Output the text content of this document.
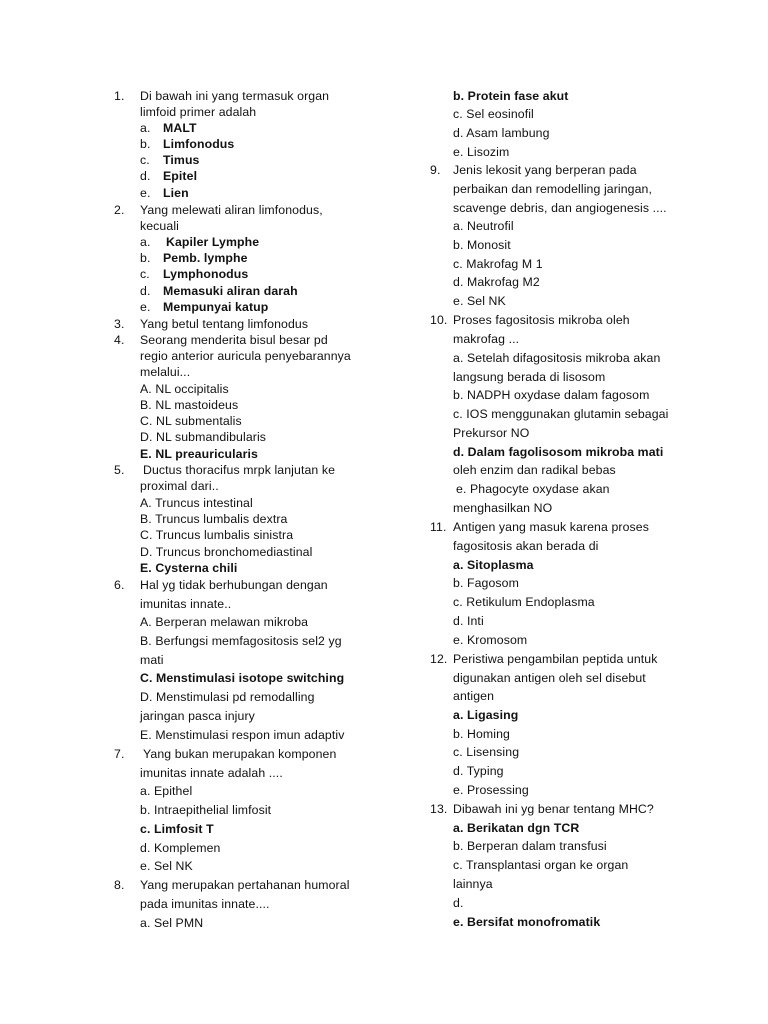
1. Di bawah ini yang termasuk organ
limfoid primer adalah
a. MALT
b. Limfonodus
c. Timus
d. Epitel
e. Lien
2. Yang melewati aliran limfonodus,
kecuali
a. Kapiler Lymphe
b. Pemb. lymphe
c. Lymphonodus
d. Memasuki aliran darah
e. Mempunyai katup
3. Yang betul tentang limfonodus
4. Seorang menderita bisul besar pd
regio anterior auricula penyebarannya
melalui...
A. NL occipitalis
B. NL mastoideus
C. NL submentalis
D. NL submandibularis
E. NL preauricularis
5. Ductus thoracifus mrpk lanjutan ke
proximal dari..
A. Truncus intestinal
B. Truncus lumbalis dextra
C. Truncus lumbalis sinistra
D. Truncus bronchomediastinal
E. Cysterna chili
6. Hal yg tidak berhubungan dengan
imunitas innate..
A. Berperan melawan mikroba
B. Berfungsi memfagositosis sel2 yg
mati
C. Menstimulasi isotope switching
D. Menstimulasi pd remodalling
jaringan pasca injury
E. Menstimulasi respon imun adaptiv
7. Yang bukan merupakan komponen
imunitas innate adalah ....
a. Epithel
b. Intraepithelial limfosit
c. Limfosit T
d. Komplemen
e. Sel NK
8. Yang merupakan pertahanan humoral
pada imunitas innate....
a. Sel PMN
b. Protein fase akut
c. Sel eosinofil
d. Asam lambung
e. Lisozim
9. Jenis lekosit yang berperan pada
perbaikan dan remodelling jaringan,
scavenge debris, dan angiogenesis ....
a. Neutrofil
b. Monosit
c. Makrofag M 1
d. Makrofag M2
e. Sel NK
10. Proses fagositosis mikroba oleh
makrofag ...
a. Setelah difagositosis mikroba akan
langsung berada di lisosom
b. NADPH oxydase dalam fagosom
c. IOS menggunakan glutamin sebagai
Prekursor NO
d. Dalam fagolisosom mikroba mati
oleh enzim dan radikal bebas
e. Phagocyte oxydase akan
menghasilkan NO
11. Antigen yang masuk karena proses
fagositosis akan berada di
a. Sitoplasma
b. Fagosom
c. Retikulum Endoplasma
d. Inti
e. Kromosom
12. Peristiwa pengambilan peptida untuk
digunakan antigen oleh sel disebut
antigen
a. Ligasing
b. Homing
c. Lisensing
d. Typing
e. Prosessing
13. Dibawah ini yg benar tentang MHC?
a. Berikatan dgn TCR
b. Berperan dalam transfusi
c. Transplantasi organ ke organ
lainnya
d.
e. Bersifat monofromatik
